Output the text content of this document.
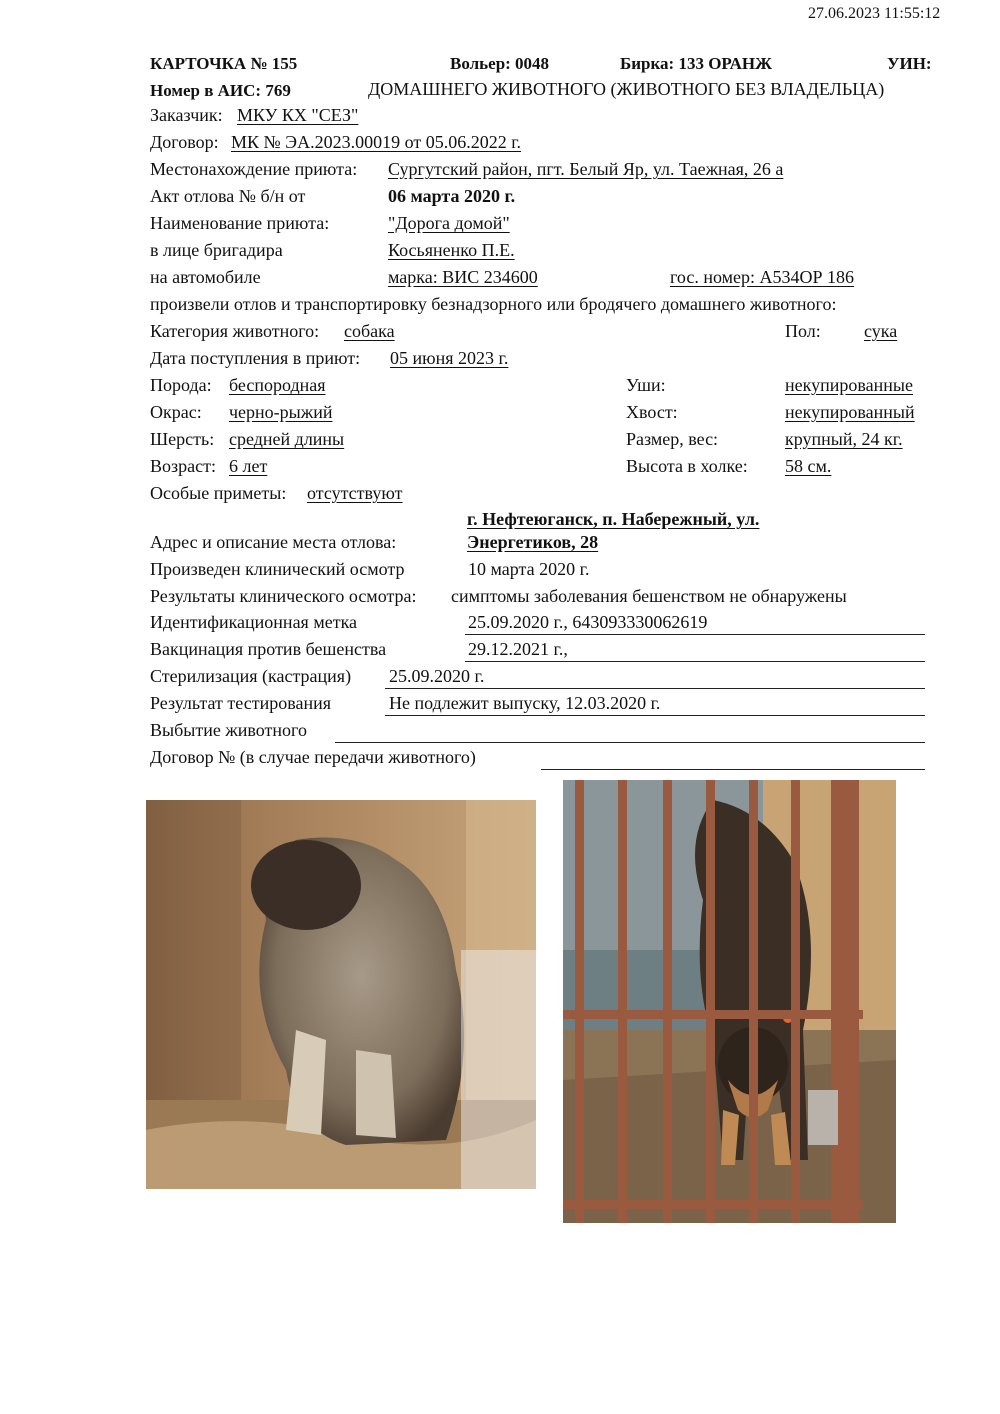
27.06.2023 11:55:12
КАРТОЧКА № 155	Вольер: 0048	Бирка: 133 ОРАНЖ	УИН:
Номер в АИС: 769	ДОМАШНЕГО ЖИВОТНОГО (ЖИВОТНОГО БЕЗ ВЛАДЕЛЬЦА)
Заказчик: МКУ КХ "СЕЗ"
Договор: МК № ЭА.2023.00019 от 05.06.2022 г.
Местонахождение приюта: Сургутский район, пгт. Белый Яр, ул. Таежная, 26 а
Акт отлова № б/н от	06 марта 2020 г.
Наименование приюта:	"Дорога домой"
в лице бригадира	Косьяненко П.Е.
на автомобиле	марка: ВИС 234600	гос. номер: А534ОР 186
произвели отлов и транспортировку безнадзорного или бродячего домашнего животного:
Категория животного: собака	Пол: сука
Дата поступления в приют: 05 июня 2023 г.
Порода: беспородная	Уши:	некупированные
Окрас: черно-рыжий	Хвост:	некупированный
Шерсть: средней длины	Размер, вес:	крупный, 24 кг.
Возраст: 6 лет	Высота в холке: 58 см.
Особые приметы: отсутствуют
г. Нефтеюганск, п. Набережный, ул.
Адрес и описание места отлова:	Энергетиков, 28
Произведен клинический осмотр	10 марта 2020 г.
Результаты клинического осмотра: симптомы заболевания бешенством не обнаружены
Идентификационная метка	25.09.2020 г., 643093330062619
Вакцинация против бешенства	29.12.2021 г.,
Стерилизация (кастрация) 25.09.2020 г.
Результат тестирования	Не подлежит выпуску, 12.03.2020 г.
Выбытие животного
Договор № (в случае передачи животного)
